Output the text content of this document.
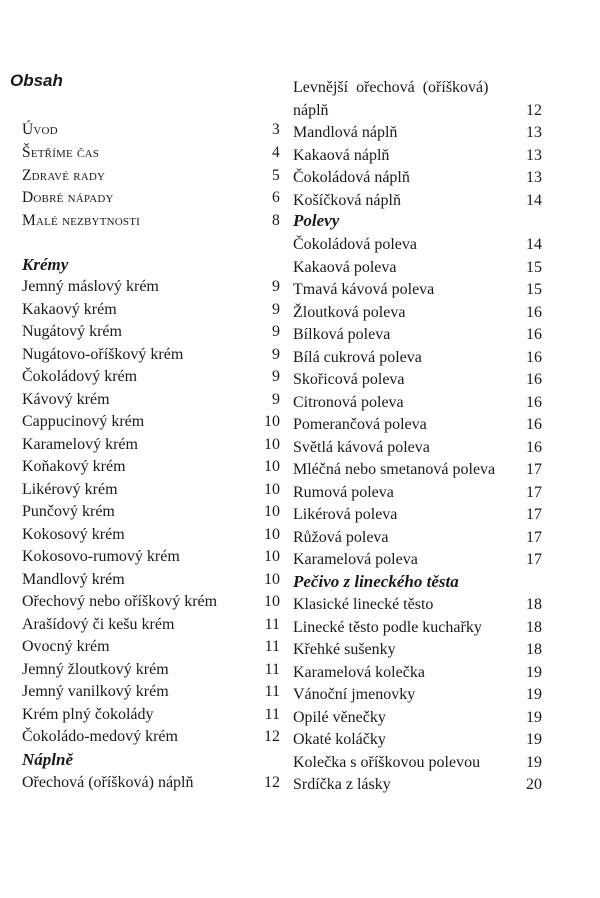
Obsah
Úvod	3
Šetříme čas	4
Zdravé rady	5
Dobré nápady	6
Malé nezbytnosti	8
Krémy
Jemný máslový krém	9
Kakaový krém	9
Nugátový krém	9
Nugátovo-oříškový krém	9
Čokoládový krém	9
Kávový krém	9
Cappucinový krém	10
Karamelový krém	10
Koňakový krém	10
Likérový krém	10
Punčový krém	10
Kokosový krém	10
Kokosovo-rumový krém	10
Mandlový krém	10
Ořechový nebo oříškový krém	10
Arašídový či kešu krém	11
Ovocný krém	11
Jemný žloutkový krém	11
Jemný vanilkový krém	11
Krém plný čokolády	11
Čokoládo-medový krém	12
Náplně
Ořechová (oříšková) náplň	12
Levnější ořechová (oříšková)
náplň	12
Mandlová náplň	13
Kakaová náplň	13
Čokoládová náplň	13
Košíčková náplň	14
Polevy
Čokoládová poleva	14
Kakaová poleva	15
Tmavá kávová poleva	15
Žloutková poleva	16
Bílková poleva	16
Bílá cukrová poleva	16
Skořicová poleva	16
Citronová poleva	16
Pomerančová poleva	16
Světlá kávová poleva	16
Mléčná nebo smetanová poleva 17
Rumová poleva	17
Likérová poleva	17
Růžová poleva	17
Karamelová poleva	17
Pečivo z lineckého těsta
Klasické linecké těsto	18
Linecké těsto podle kuchařky	18
Křehké sušenky	18
Karamelová kolečka	19
Vánoční jmenovky	19
Opilé věnečky	19
Okaté koláčky	19
Kolečka s oříškovou polevou	19
Srdíčka z lásky	20
